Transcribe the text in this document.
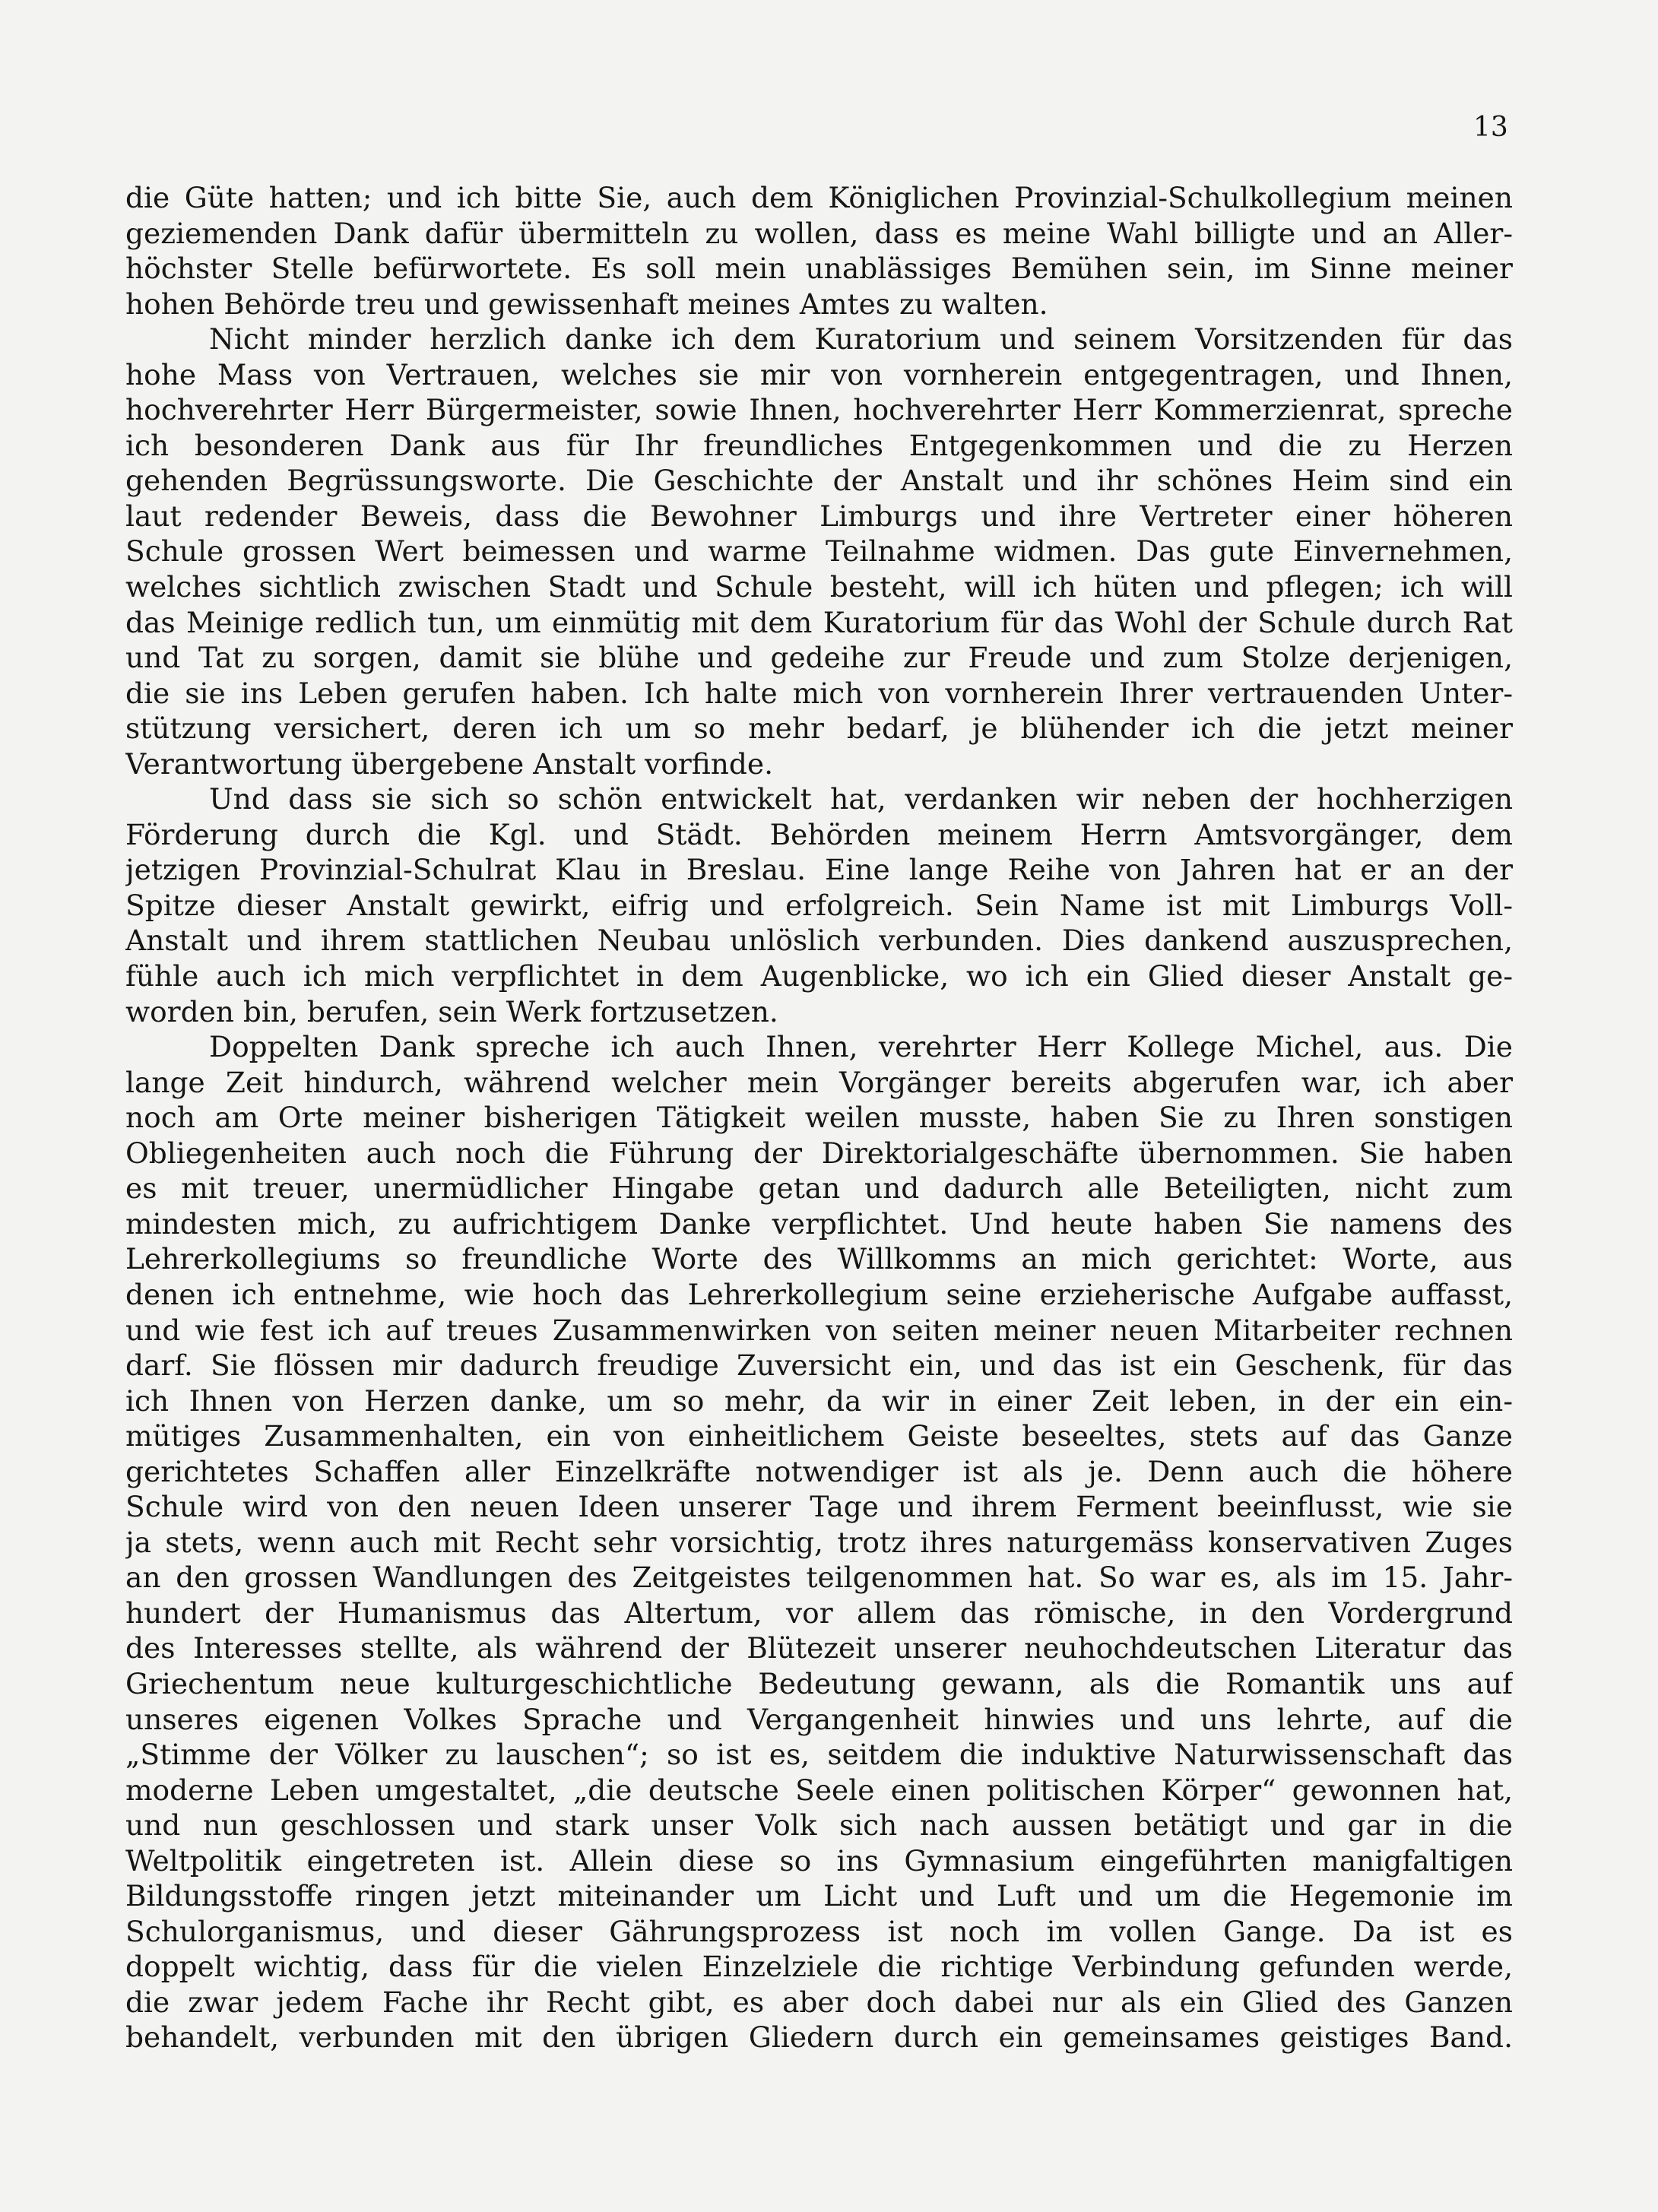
13
die Güte hatten; und ich bitte Sie, auch dem Königlichen Provinzial-Schulkollegium meinen
geziemenden Dank dafür übermitteln zu wollen, dass es meine Wahl billigte und an Aller-
höchster Stelle befürwortete. Es soll mein unablässiges Bemühen sein, im Sinne meiner
hohen Behörde treu und gewissenhaft meines Amtes zu walten.
Nicht minder herzlich danke ich dem Kuratorium und seinem Vorsitzenden für das
hohe Mass von Vertrauen, welches sie mir von vornherein entgegentragen, und Ihnen,
hochverehrter Herr Bürgermeister, sowie Ihnen, hochverehrter Herr Kommerzienrat, spreche
ich besonderen Dank aus für Ihr freundliches Entgegenkommen und die zu Herzen
gehenden Begrüssungsworte. Die Geschichte der Anstalt und ihr schönes Heim sind ein
laut redender Beweis, dass die Bewohner Limburgs und ihre Vertreter einer höheren
Schule grossen Wert beimessen und warme Teilnahme widmen. Das gute Einvernehmen,
welches sichtlich zwischen Stadt und Schule besteht, will ich hüten und pflegen; ich will
das Meinige redlich tun, um einmütig mit dem Kuratorium für das Wohl der Schule durch Rat
und Tat zu sorgen, damit sie blühe und gedeihe zur Freude und zum Stolze derjenigen,
die sie ins Leben gerufen haben. Ich halte mich von vornherein Ihrer vertrauenden Unter-
stützung versichert, deren ich um so mehr bedarf, je blühender ich die jetzt meiner
Verantwortung übergebene Anstalt vorfinde.
Und dass sie sich so schön entwickelt hat, verdanken wir neben der hochherzigen
Förderung durch die Kgl. und Städt. Behörden meinem Herrn Amtsvorgänger, dem
jetzigen Provinzial-Schulrat Klau in Breslau. Eine lange Reihe von Jahren hat er an der
Spitze dieser Anstalt gewirkt, eifrig und erfolgreich. Sein Name ist mit Limburgs Voll-
Anstalt und ihrem stattlichen Neubau unlöslich verbunden. Dies dankend auszusprechen,
fühle auch ich mich verpflichtet in dem Augenblicke, wo ich ein Glied dieser Anstalt ge-
worden bin, berufen, sein Werk fortzusetzen.
Doppelten Dank spreche ich auch Ihnen, verehrter Herr Kollege Michel, aus. Die
lange Zeit hindurch, während welcher mein Vorgänger bereits abgerufen war, ich aber
noch am Orte meiner bisherigen Tätigkeit weilen musste, haben Sie zu Ihren sonstigen
Obliegenheiten auch noch die Führung der Direktorialgeschäfte übernommen. Sie haben
es mit treuer, unermüdlicher Hingabe getan und dadurch alle Beteiligten, nicht zum
mindesten mich, zu aufrichtigem Danke verpflichtet. Und heute haben Sie namens des
Lehrerkollegiums so freundliche Worte des Willkomms an mich gerichtet: Worte, aus
denen ich entnehme, wie hoch das Lehrerkollegium seine erzieherische Aufgabe auffasst,
und wie fest ich auf treues Zusammenwirken von seiten meiner neuen Mitarbeiter rechnen
darf. Sie flössen mir dadurch freudige Zuversicht ein, und das ist ein Geschenk, für das
ich Ihnen von Herzen danke, um so mehr, da wir in einer Zeit leben, in der ein ein-
mütiges Zusammenhalten, ein von einheitlichem Geiste beseeltes, stets auf das Ganze
gerichtetes Schaffen aller Einzelkräfte notwendiger ist als je. Denn auch die höhere
Schule wird von den neuen Ideen unserer Tage und ihrem Ferment beeinflusst, wie sie
ja stets, wenn auch mit Recht sehr vorsichtig, trotz ihres naturgemäss konservativen Zuges
an den grossen Wandlungen des Zeitgeistes teilgenommen hat. So war es, als im 15. Jahr-
hundert der Humanismus das Altertum, vor allem das römische, in den Vordergrund
des Interesses stellte, als während der Blütezeit unserer neuhochdeutschen Literatur das
Griechentum neue kulturgeschichtliche Bedeutung gewann, als die Romantik uns auf
unseres eigenen Volkes Sprache und Vergangenheit hinwies und uns lehrte, auf die
„Stimme der Völker zu lauschen“; so ist es, seitdem die induktive Naturwissenschaft das
moderne Leben umgestaltet, „die deutsche Seele einen politischen Körper“ gewonnen hat,
und nun geschlossen und stark unser Volk sich nach aussen betätigt und gar in die
Weltpolitik eingetreten ist. Allein diese so ins Gymnasium eingeführten manigfaltigen
Bildungsstoffe ringen jetzt miteinander um Licht und Luft und um die Hegemonie im
Schulorganismus, und dieser Gährungsprozess ist noch im vollen Gange. Da ist es
doppelt wichtig, dass für die vielen Einzelziele die richtige Verbindung gefunden werde,
die zwar jedem Fache ihr Recht gibt, es aber doch dabei nur als ein Glied des Ganzen
behandelt, verbunden mit den übrigen Gliedern durch ein gemeinsames geistiges Band.
